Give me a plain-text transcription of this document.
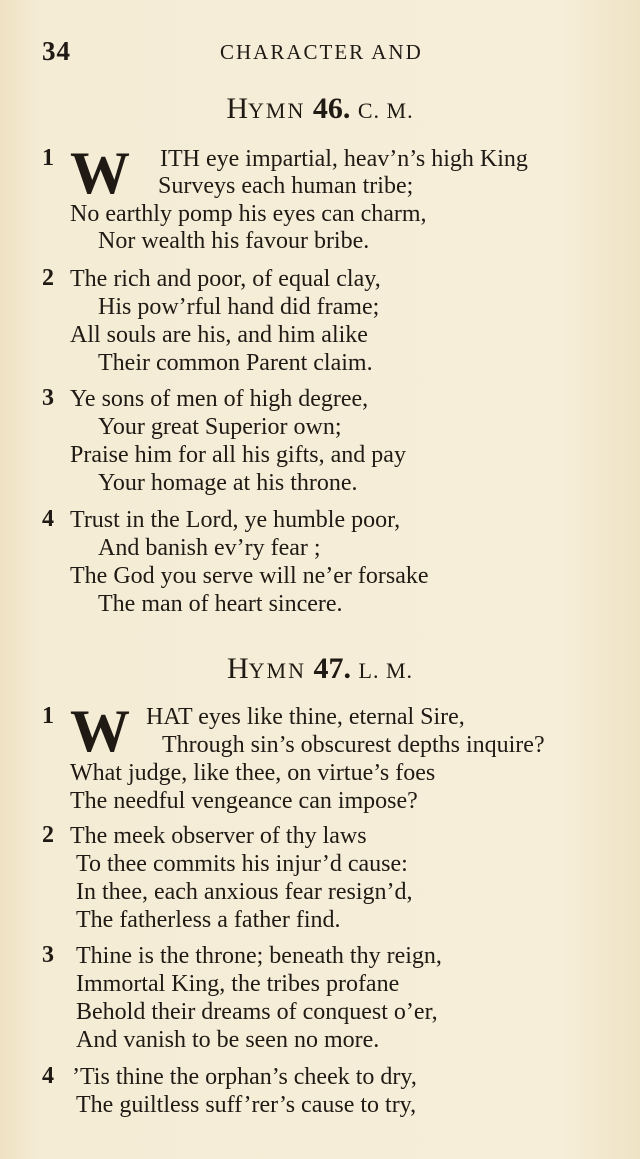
34	CHARACTER AND
HYMN 46. C. M.
1 W ITH eye impartial, heav’n’s high King
Surveys each human tribe;
No earthly pomp his eyes can charm,
Nor wealth his favour bribe.
2 The rich and poor, of equal clay,
His pow’rful hand did frame;
All souls are his, and him alike
Their common Parent claim.
3 Ye sons of men of high degree,
Your great Superior own;
Praise him for all his gifts, and pay
Your homage at his throne.
4 Trust in the Lord, ye humble poor,
And banish ev’ry fear ;
The God you serve will ne’er forsake
The man of heart sincere.
HYMN 47. L. M.
1 W HAT eyes like thine, eternal Sire,
Through sin’s obscurest depths inquire?
What judge, like thee, on virtue’s foes
The needful vengeance can impose?
2 The meek observer of thy laws
To thee commits his injur’d cause:
In thee, each anxious fear resign’d,
The fatherless a father find.
3 Thine is the throne; beneath thy reign,
Immortal King, the tribes profane
Behold their dreams of conquest o’er,
And vanish to be seen no more.
4 ’Tis thine the orphan’s cheek to dry,
The guiltless suff’rer’s cause to try,
